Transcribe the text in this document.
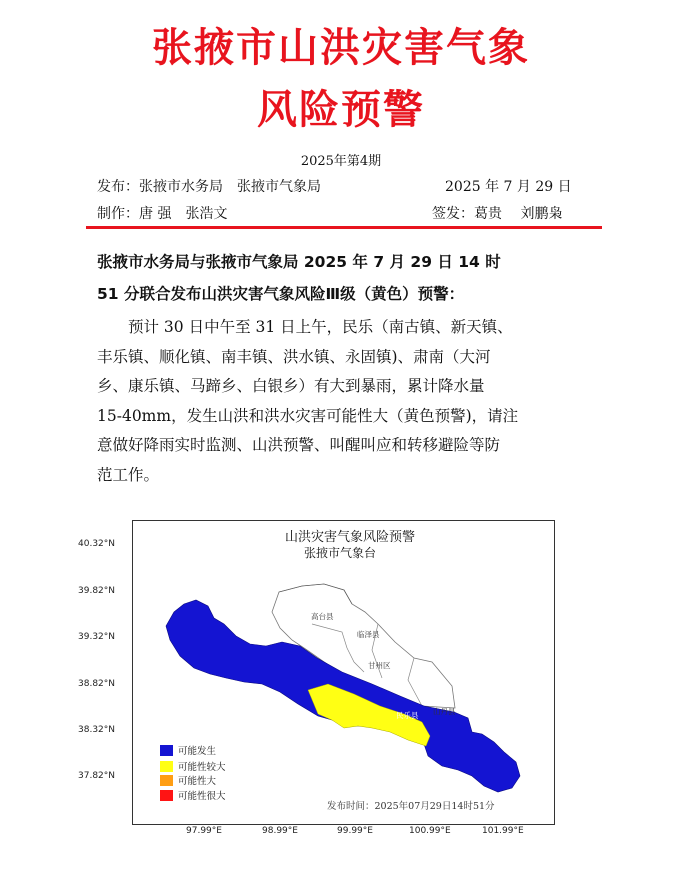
张掖市山洪灾害气象
风险预警
2025年第4期
发布：张掖市水务局　张掖市气象局	2025 年 7 月 29 日
制作：唐 强　张浩文	签发：葛贵　 刘鹏枭
张掖市水务局与张掖市气象局 2025 年 7 月 29 日 14 时
51 分联合发布山洪灾害气象风险Ⅲ级（黄色）预警：
　　预计 30 日中午至 31 日上午，民乐（南古镇、新天镇、
丰乐镇、顺化镇、南丰镇、洪水镇、永固镇)、肃南（大河
乡、康乐镇、马蹄乡、白银乡）有大到暴雨，累计降水量
15-40mm，发生山洪和洪水灾害可能性大（黄色预警)，请注
意做好降雨实时监测、山洪预警、叫醒叫应和转移避险等防
范工作。
山洪灾害气象风险预警
张掖市气象台
高台县
临泽县
甘州区
山丹县
民乐县
40.32°N
39.82°N
39.32°N
38.82°N
38.32°N
37.82°N
97.99°E	98.99°E	99.99°E	100.99°E	101.99°E
可能发生
可能性较大
可能性大
可能性很大
发布时间：2025年07月29日14时51分
